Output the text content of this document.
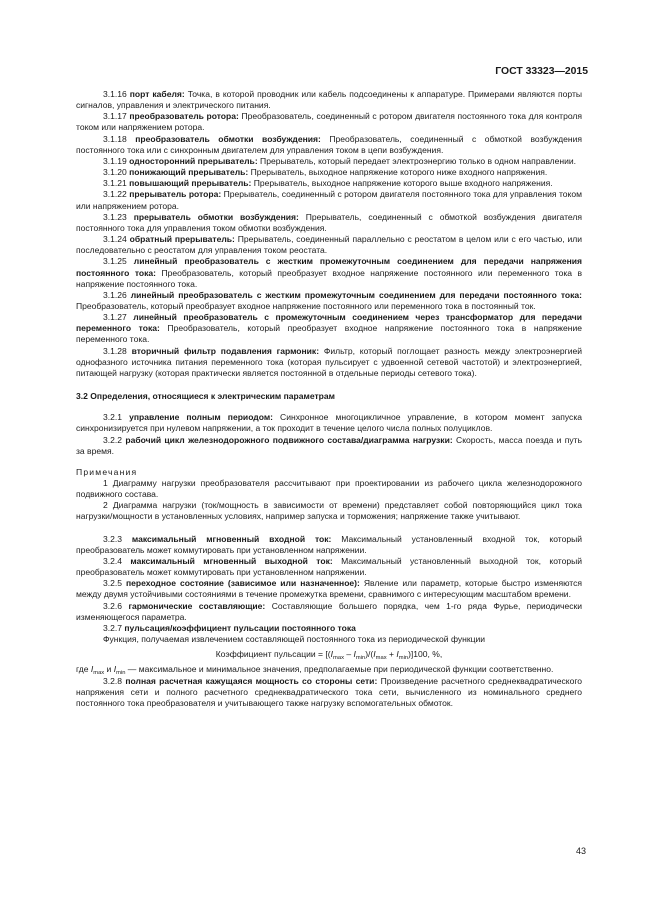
ГОСТ 33323—2015

3.1.16 порт кабеля: Точка, в которой проводник или кабель подсоединены к аппаратуре. Примерами являются порты сигналов, управления и электрического питания.

3.1.17 преобразователь ротора: Преобразователь, соединенный с ротором двигателя постоянного тока для контроля током или напряжением ротора.

3.1.18 преобразователь обмотки возбуждения: Преобразователь, соединенный с обмоткой возбуждения постоянного тока или с синхронным двигателем для управления током в цепи возбуждения.

3.1.19 односторонний прерыватель: Прерыватель, который передает электроэнергию только в одном направлении.

3.1.20 понижающий прерыватель: Прерыватель, выходное напряжение которого ниже входного напряжения.

3.1.21 повышающий прерыватель: Прерыватель, выходное напряжение которого выше входного напряжения.

3.1.22 прерыватель ротора: Прерыватель, соединенный с ротором двигателя постоянного тока для управления током или напряжением ротора.

3.1.23 прерыватель обмотки возбуждения: Прерыватель, соединенный с обмоткой возбуждения двигателя постоянного тока для управления током обмотки возбуждения.

3.1.24 обратный прерыватель: Прерыватель, соединенный параллельно с реостатом в целом или с его частью, или последовательно с реостатом для управления током реостата.

3.1.25 линейный преобразователь с жестким промежуточным соединением для передачи напряжения постоянного тока: Преобразователь, который преобразует входное напряжение постоянного или переменного тока в напряжение постоянного тока.

3.1.26 линейный преобразователь с жестким промежуточным соединением для передачи постоянного тока: Преобразователь, который преобразует входное напряжение постоянного или переменного тока в постоянный ток.

3.1.27 линейный преобразователь с промежуточным соединением через трансформатор для передачи переменного тока: Преобразователь, который преобразует входное напряжение постоянного тока в напряжение переменного тока.

3.1.28 вторичный фильтр подавления гармоник: Фильтр, который поглощает разность между электроэнергией однофазного источника питания переменного тока (которая пульсирует с удвоенной сетевой частотой) и электроэнергией, питающей нагрузку (которая практически является постоянной в отдельные периоды сетевого тока).

3.2 Определения, относящиеся к электрическим параметрам

3.2.1 управление полным периодом: Синхронное многоцикличное управление, в котором момент запуска синхронизируется при нулевом напряжении, а ток проходит в течение целого числа полных полуциклов.

3.2.2 рабочий цикл железнодорожного подвижного состава/диаграмма нагрузки: Скорость, масса поезда и путь за время.

Примечания

1 Диаграмму нагрузки преобразователя рассчитывают при проектировании из рабочего цикла железнодорожного подвижного состава.

2 Диаграмма нагрузки (ток/мощность в зависимости от времени) представляет собой повторяющийся цикл тока нагрузки/мощности в установленных условиях, например запуска и торможения; напряжение также учитывают.

3.2.3 максимальный мгновенный входной ток: Максимальный установленный входной ток, который преобразователь может коммутировать при установленном напряжении.

3.2.4 максимальный мгновенный выходной ток: Максимальный установленный выходной ток, который преобразователь может коммутировать при установленном напряжении.

3.2.5 переходное состояние (зависимое или назначенное): Явление или параметр, которые быстро изменяются между двумя устойчивыми состояниями в течение промежутка времени, сравнимого с интересующим масштабом времени.

3.2.6 гармонические составляющие: Составляющие большего порядка, чем 1-го ряда Фурье, периодически изменяющегося параметра.

3.2.7 пульсация/коэффициент пульсации постоянного тока

Функция, получаемая извлечением составляющей постоянного тока из периодической функции

Коэффициент пульсации = $[(I_{max} - I_{min})/(I_{max} + I_{min})]100$, %,

где $I_{max}$ и $I_{min}$ — максимальное и минимальное значения, предполагаемые при периодической функции соответственно.

3.2.8 полная расчетная кажущаяся мощность со стороны сети: Произведение расчетного среднеквадратического напряжения сети и полного расчетного среднеквадратического тока сети, вычисленного из номинального среднего постоянного тока преобразователя и учитывающего также нагрузку вспомогательных обмоток.

43
